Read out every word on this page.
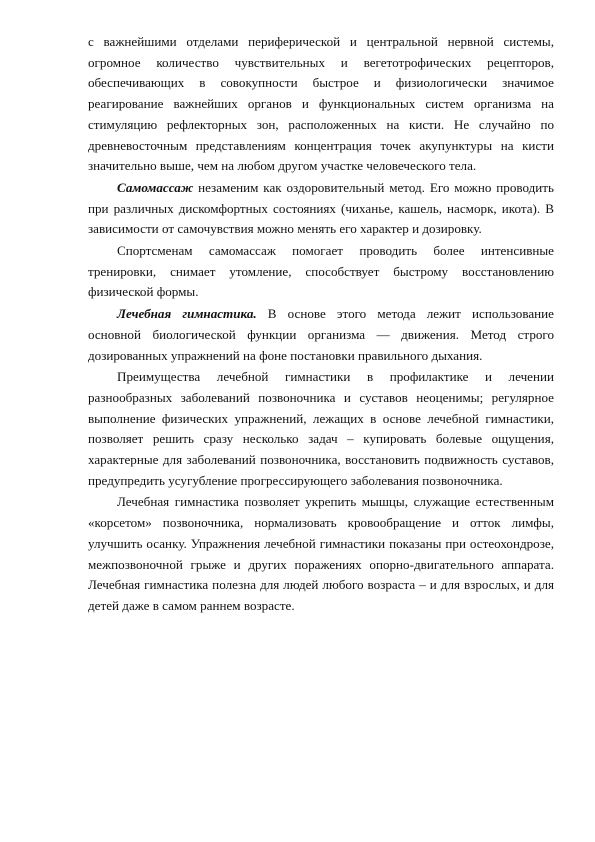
с важнейшими отделами периферической и центральной нервной системы, огромное количество чувствительных и вегетотрофических рецепторов, обеспечивающих в совокупности быстрое и физиологически значимое реагирование важнейших органов и функциональных систем организма на стимуляцию рефлекторных зон, расположенных на кисти. Не случайно по древневосточным представлениям концентрация точек акупунктуры на кисти значительно выше, чем на любом другом участке человеческого тела.

Самомассаж незаменим как оздоровительный метод. Его можно проводить при различных дискомфортных состояниях (чиханье, кашель, насморк, икота). В зависимости от самочувствия можно менять его характер и дозировку.

Спортсменам самомассаж помогает проводить более интенсивные тренировки, снимает утомление, способствует быстрому восстановлению физической формы.

Лечебная гимнастика. В основе этого метода лежит использование основной биологической функции организма — движения. Метод строго дозированных упражнений на фоне постановки правильного дыхания.

Преимущества лечебной гимнастики в профилактике и лечении разнообразных заболеваний позвоночника и суставов неоценимы; регулярное выполнение физических упражнений, лежащих в основе лечебной гимнастики, позволяет решить сразу несколько задач – купировать болевые ощущения, характерные для заболеваний позвоночника, восстановить подвижность суставов, предупредить усугубление прогрессирующего заболевания позвоночника.

Лечебная гимнастика позволяет укрепить мышцы, служащие естественным «корсетом» позвоночника, нормализовать кровообращение и отток лимфы, улучшить осанку. Упражнения лечебной гимнастики показаны при остеохондрозе, межпозвоночной грыже и других поражениях опорно-двигательного аппарата. Лечебная гимнастика полезна для людей любого возраста – и для взрослых, и для детей даже в самом раннем возрасте.
